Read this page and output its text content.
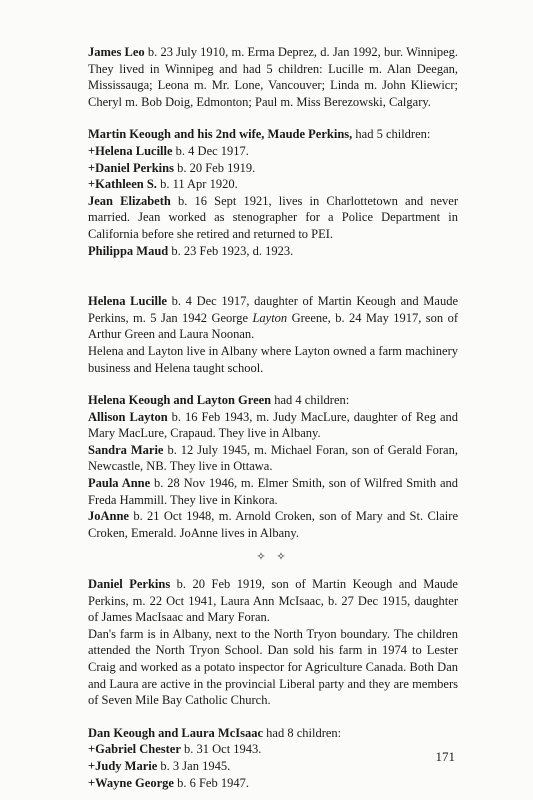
James Leo b. 23 July 1910, m. Erma Deprez, d. Jan 1992, bur. Winnipeg. They lived in Winnipeg and had 5 children: Lucille m. Alan Deegan, Mississauga; Leona m. Mr. Lone, Vancouver; Linda m. John Kliewicr; Cheryl m. Bob Doig, Edmonton; Paul m. Miss Berezowski, Calgary.

Martin Keough and his 2nd wife, Maude Perkins, had 5 children:

+Helena Lucille b. 4 Dec 1917.

+Daniel Perkins b. 20 Feb 1919.

+Kathleen S. b. 11 Apr 1920.

Jean Elizabeth b. 16 Sept 1921, lives in Charlottetown and never married. Jean worked as stenographer for a Police Department in California before she retired and returned to PEI.

Philippa Maud b. 23 Feb 1923, d. 1923.

Helena Lucille b. 4 Dec 1917, daughter of Martin Keough and Maude Perkins, m. 5 Jan 1942 George Layton Greene, b. 24 May 1917, son of Arthur Green and Laura Noonan.

Helena and Layton live in Albany where Layton owned a farm machinery business and Helena taught school.

Helena Keough and Layton Green had 4 children:

Allison Layton b. 16 Feb 1943, m. Judy MacLure, daughter of Reg and Mary MacLure, Crapaud. They live in Albany.

Sandra Marie b. 12 July 1945, m. Michael Foran, son of Gerald Foran, Newcastle, NB. They live in Ottawa.

Paula Anne b. 28 Nov 1946, m. Elmer Smith, son of Wilfred Smith and Freda Hammill. They live in Kinkora.

JoAnne b. 21 Oct 1948, m. Arnold Croken, son of Mary and St. Claire Croken, Emerald. JoAnne lives in Albany.

✧ ✧

Daniel Perkins b. 20 Feb 1919, son of Martin Keough and Maude Perkins, m. 22 Oct 1941, Laura Ann McIsaac, b. 27 Dec 1915, daughter of James MacIsaac and Mary Foran.

Dan's farm is in Albany, next to the North Tryon boundary. The children attended the North Tryon School. Dan sold his farm in 1974 to Lester Craig and worked as a potato inspector for Agriculture Canada. Both Dan and Laura are active in the provincial Liberal party and they are members of Seven Mile Bay Catholic Church.

Dan Keough and Laura McIsaac had 8 children:

+Gabriel Chester b. 31 Oct 1943.

+Judy Marie b. 3 Jan 1945.

+Wayne George b. 6 Feb 1947.

171
